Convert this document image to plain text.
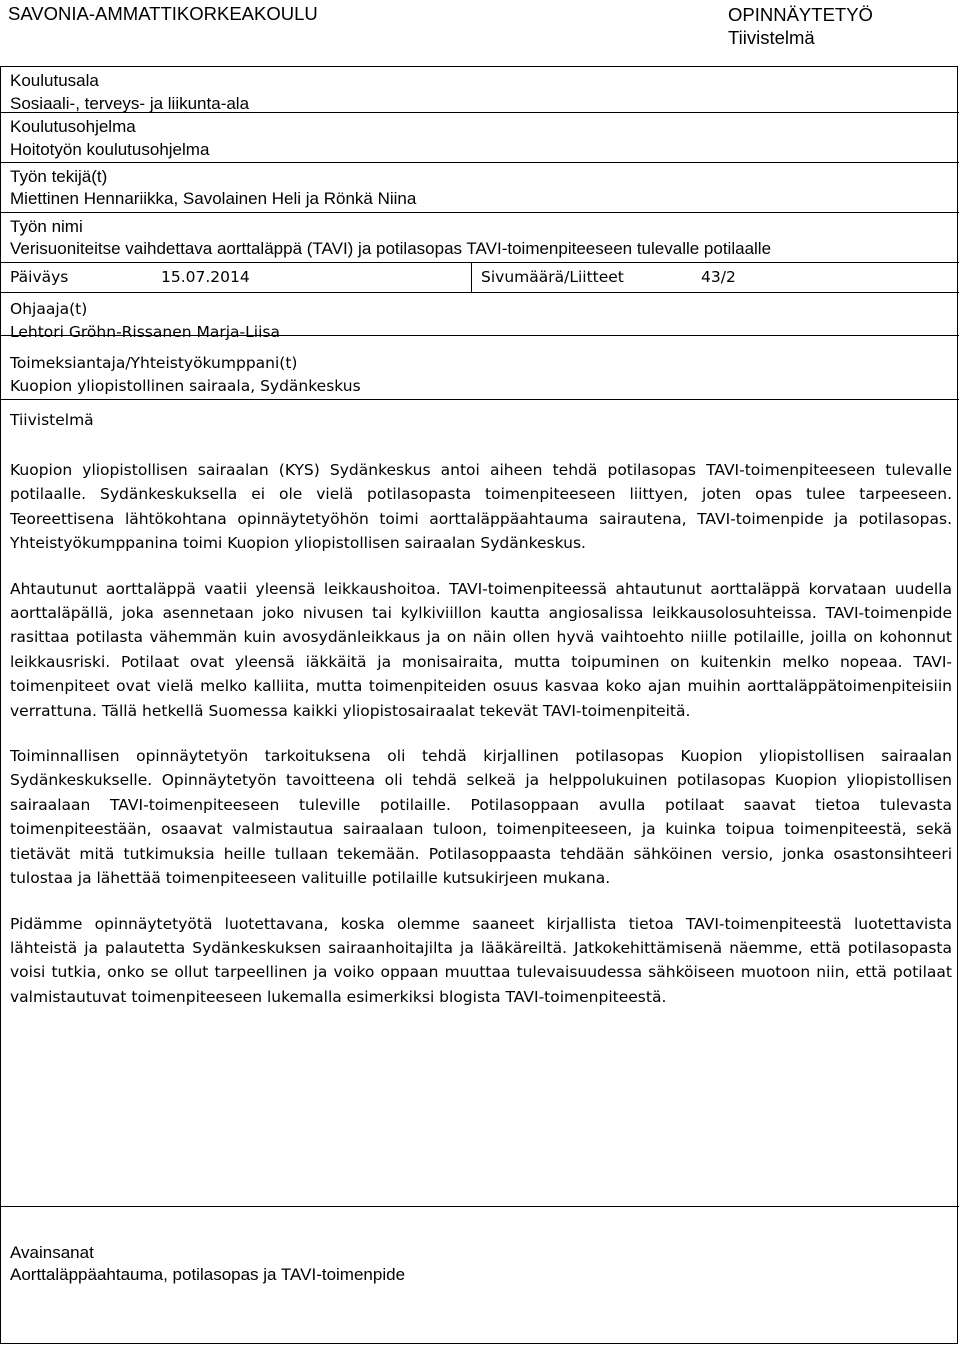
SAVONIA-AMMATTIKORKEAKOULU	OPINNÄYTETYÖ
Tiivistelmä
Koulutusala
Sosiaali-, terveys- ja liikunta-ala
Koulutusohjelma
Hoitotyön koulutusohjelma
Työn tekijä(t)
Miettinen Hennariikka, Savolainen Heli ja Rönkä Niina
Työn nimi
Verisuoniteitse vaihdettava aorttaläppä (TAVI) ja potilasopas TAVI-toimenpiteeseen tulevalle potilaalle
Päiväys	15.07.2014	Sivumäärä/Liitteet	43/2
Ohjaaja(t)
Lehtori Gröhn-Rissanen Marja-Liisa
Toimeksiantaja/Yhteistyökumppani(t)
Kuopion yliopistollinen sairaala, Sydänkeskus
Tiivistelmä

Kuopion yliopistollisen sairaalan (KYS) Sydänkeskus antoi aiheen tehdä potilasopas TAVI-toimenpiteeseen tulevalle potilaalle. Sydänkeskuksella ei ole vielä potilasopasta toimenpiteeseen liittyen, joten opas tulee tarpeeseen. Teoreettisena lähtökohtana opinnäytetyöhön toimi aorttaläppäahtauma sairautena, TAVI-toimenpide ja potilasopas. Yhteistyökumppanina toimi Kuopion yliopistollisen sairaalan Sydänkeskus.

Ahtautunut aorttaläppä vaatii yleensä leikkaushoitoa. TAVI-toimenpiteessä ahtautunut aorttaläppä korvataan uudella aorttaläpällä, joka asennetaan joko nivusen tai kylkiviillon kautta angiosalissa leikkausolosuhteissa. TAVI-toimenpide rasittaa potilasta vähemmän kuin avosydänleikkaus ja on näin ollen hyvä vaihtoehto niille potilaille, joilla on kohonnut leikkausriski. Potilaat ovat yleensä iäkkäitä ja monisairaita, mutta toipuminen on kuitenkin melko nopeaa. TAVI-toimenpiteet ovat vielä melko kalliita, mutta toimenpiteiden osuus kasvaa koko ajan muihin aorttaläppätoimenpiteisiin verrattuna. Tällä hetkellä Suomessa kaikki yliopistosairaalat tekevät TAVI-toimenpiteitä.

Toiminnallisen opinnäytetyön tarkoituksena oli tehdä kirjallinen potilasopas Kuopion yliopistollisen sairaalan Sydänkeskukselle. Opinnäytetyön tavoitteena oli tehdä selkeä ja helppolukuinen potilasopas Kuopion yliopistollisen sairaalaan TAVI-toimenpiteeseen tuleville potilaille. Potilasoppaan avulla potilaat saavat tietoa tulevasta toimenpiteestään, osaavat valmistautua sairaalaan tuloon, toimenpiteeseen, ja kuinka toipua toimenpiteestä, sekä tietävät mitä tutkimuksia heille tullaan tekemään. Potilasoppaasta tehdään sähköinen versio, jonka osastonsihteeri tulostaa ja lähettää toimenpiteeseen valituille potilaille kutsukirjeen mukana.

Pidämme opinnäytetyötä luotettavana, koska olemme saaneet kirjallista tietoa TAVI-toimenpiteestä luotettavista lähteistä ja palautetta Sydänkeskuksen sairaanhoitajilta ja lääkäreiltä. Jatkokehittämisenä näemme, että potilasopasta voisi tutkia, onko se ollut tarpeellinen ja voiko oppaan muuttaa tulevaisuudessa sähköiseen muotoon niin, että potilaat valmistautuvat toimenpiteeseen lukemalla esimerkiksi blogista TAVI-toimenpiteestä.

Avainsanat
Aorttaläppäahtauma, potilasopas ja TAVI-toimenpide
